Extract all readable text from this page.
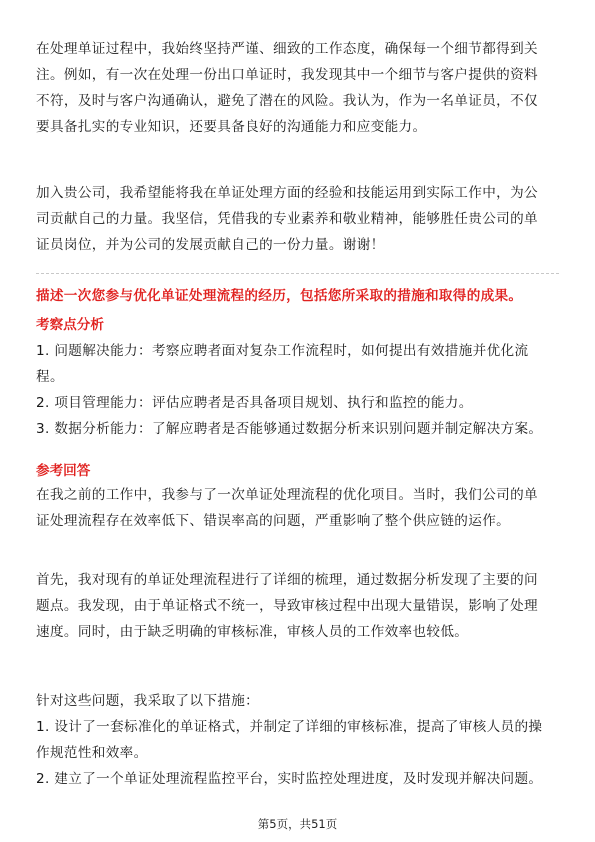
在处理单证过程中，我始终坚持严谨、细致的工作态度，确保每一个细节都得到关
注。例如，有一次在处理一份出口单证时，我发现其中一个细节与客户提供的资料
不符，及时与客户沟通确认，避免了潜在的风险。我认为，作为一名单证员，不仅
要具备扎实的专业知识，还要具备良好的沟通能力和应变能力。
加入贵公司，我希望能将我在单证处理方面的经验和技能运用到实际工作中，为公
司贡献自己的力量。我坚信，凭借我的专业素养和敬业精神，能够胜任贵公司的单
证员岗位，并为公司的发展贡献自己的一份力量。谢谢！
描述一次您参与优化单证处理流程的经历，包括您所采取的措施和取得的成果。
考察点分析
1. 问题解决能力：考察应聘者面对复杂工作流程时，如何提出有效措施并优化流
程。
2. 项目管理能力：评估应聘者是否具备项目规划、执行和监控的能力。
3. 数据分析能力：了解应聘者是否能够通过数据分析来识别问题并制定解决方案。
参考回答
在我之前的工作中，我参与了一次单证处理流程的优化项目。当时，我们公司的单
证处理流程存在效率低下、错误率高的问题，严重影响了整个供应链的运作。
首先，我对现有的单证处理流程进行了详细的梳理，通过数据分析发现了主要的问
题点。我发现，由于单证格式不统一，导致审核过程中出现大量错误，影响了处理
速度。同时，由于缺乏明确的审核标准，审核人员的工作效率也较低。
针对这些问题，我采取了以下措施：
1. 设计了一套标准化的单证格式，并制定了详细的审核标准，提高了审核人员的操
作规范性和效率。
2. 建立了一个单证处理流程监控平台，实时监控处理进度，及时发现并解决问题。
第5页，共51页
